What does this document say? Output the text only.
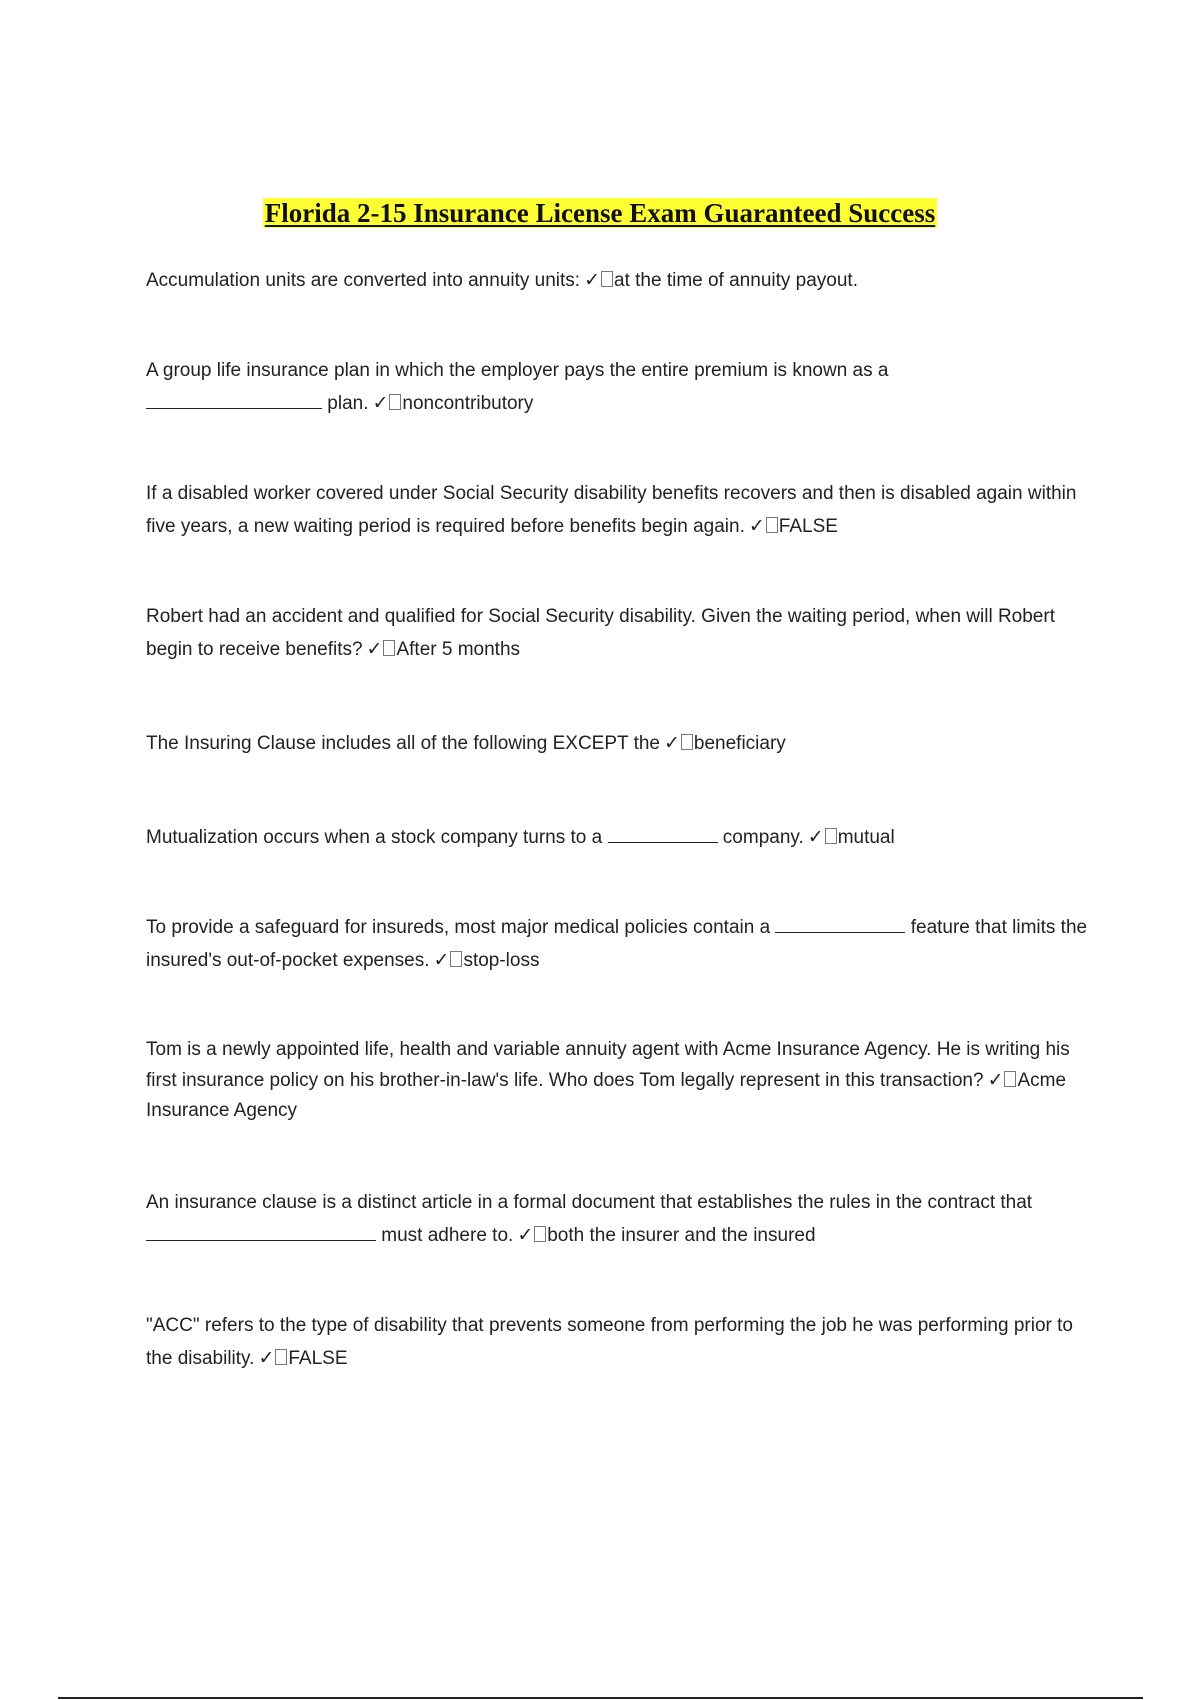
Florida 2-15 Insurance License Exam Guaranteed Success
Accumulation units are converted into annuity units: ✓ at the time of annuity payout.
A group life insurance plan in which the employer pays the entire premium is known as a
plan. ✓ noncontributory
If a disabled worker covered under Social Security disability benefits recovers and then is disabled again within five years, a new waiting period is required before benefits begin again. ✓ FALSE
Robert had an accident and qualified for Social Security disability. Given the waiting period, when will Robert begin to receive benefits? ✓ After 5 months
The Insuring Clause includes all of the following EXCEPT the ✓ beneficiary
Mutualization occurs when a stock company turns to a	company. ✓ mutual
To provide a safeguard for insureds, most major medical policies contain a	feature that limits the insured's out-of-pocket expenses. ✓ stop-loss
Tom is a newly appointed life, health and variable annuity agent with Acme Insurance Agency. He is writing his first insurance policy on his brother-in-law's life. Who does Tom legally represent in this transaction? ✓ Acme Insurance Agency
An insurance clause is a distinct article in a formal document that establishes the rules in the contract that  must adhere to. ✓ both the insurer and the insured
"ACC" refers to the type of disability that prevents someone from performing the job he was performing prior to the disability. ✓ FALSE
